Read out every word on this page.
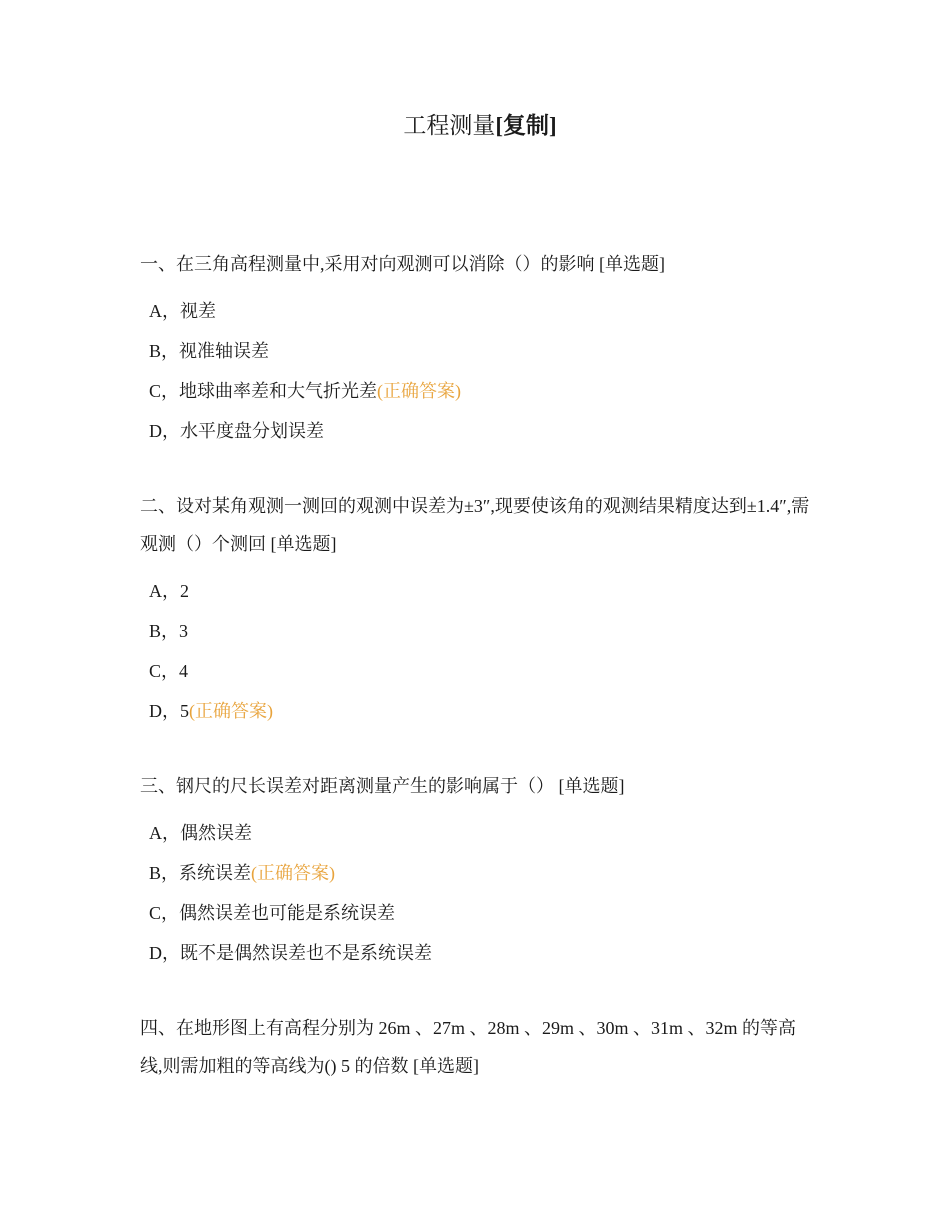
工程测量[复制]

一、在三角高程测量中,采用对向观测可以消除（）的影响 [单选题]

A，视差
B，视准轴误差
C，地球曲率差和大气折光差(正确答案)
D，水平度盘分划误差

二、设对某角观测一测回的观测中误差为±3″,现要使该角的观测结果精度达到±1.4″,需观测（）个测回 [单选题]

A，2
B，3
C，4
D，5(正确答案)

三、钢尺的尺长误差对距离测量产生的影响属于（） [单选题]

A，偶然误差
B，系统误差(正确答案)
C，偶然误差也可能是系统误差
D，既不是偶然误差也不是系统误差

四、在地形图上有高程分别为 26m 、27m 、28m 、29m 、30m 、31m 、32m 的等高线,则需加粗的等高线为() 5 的倍数 [单选题]
